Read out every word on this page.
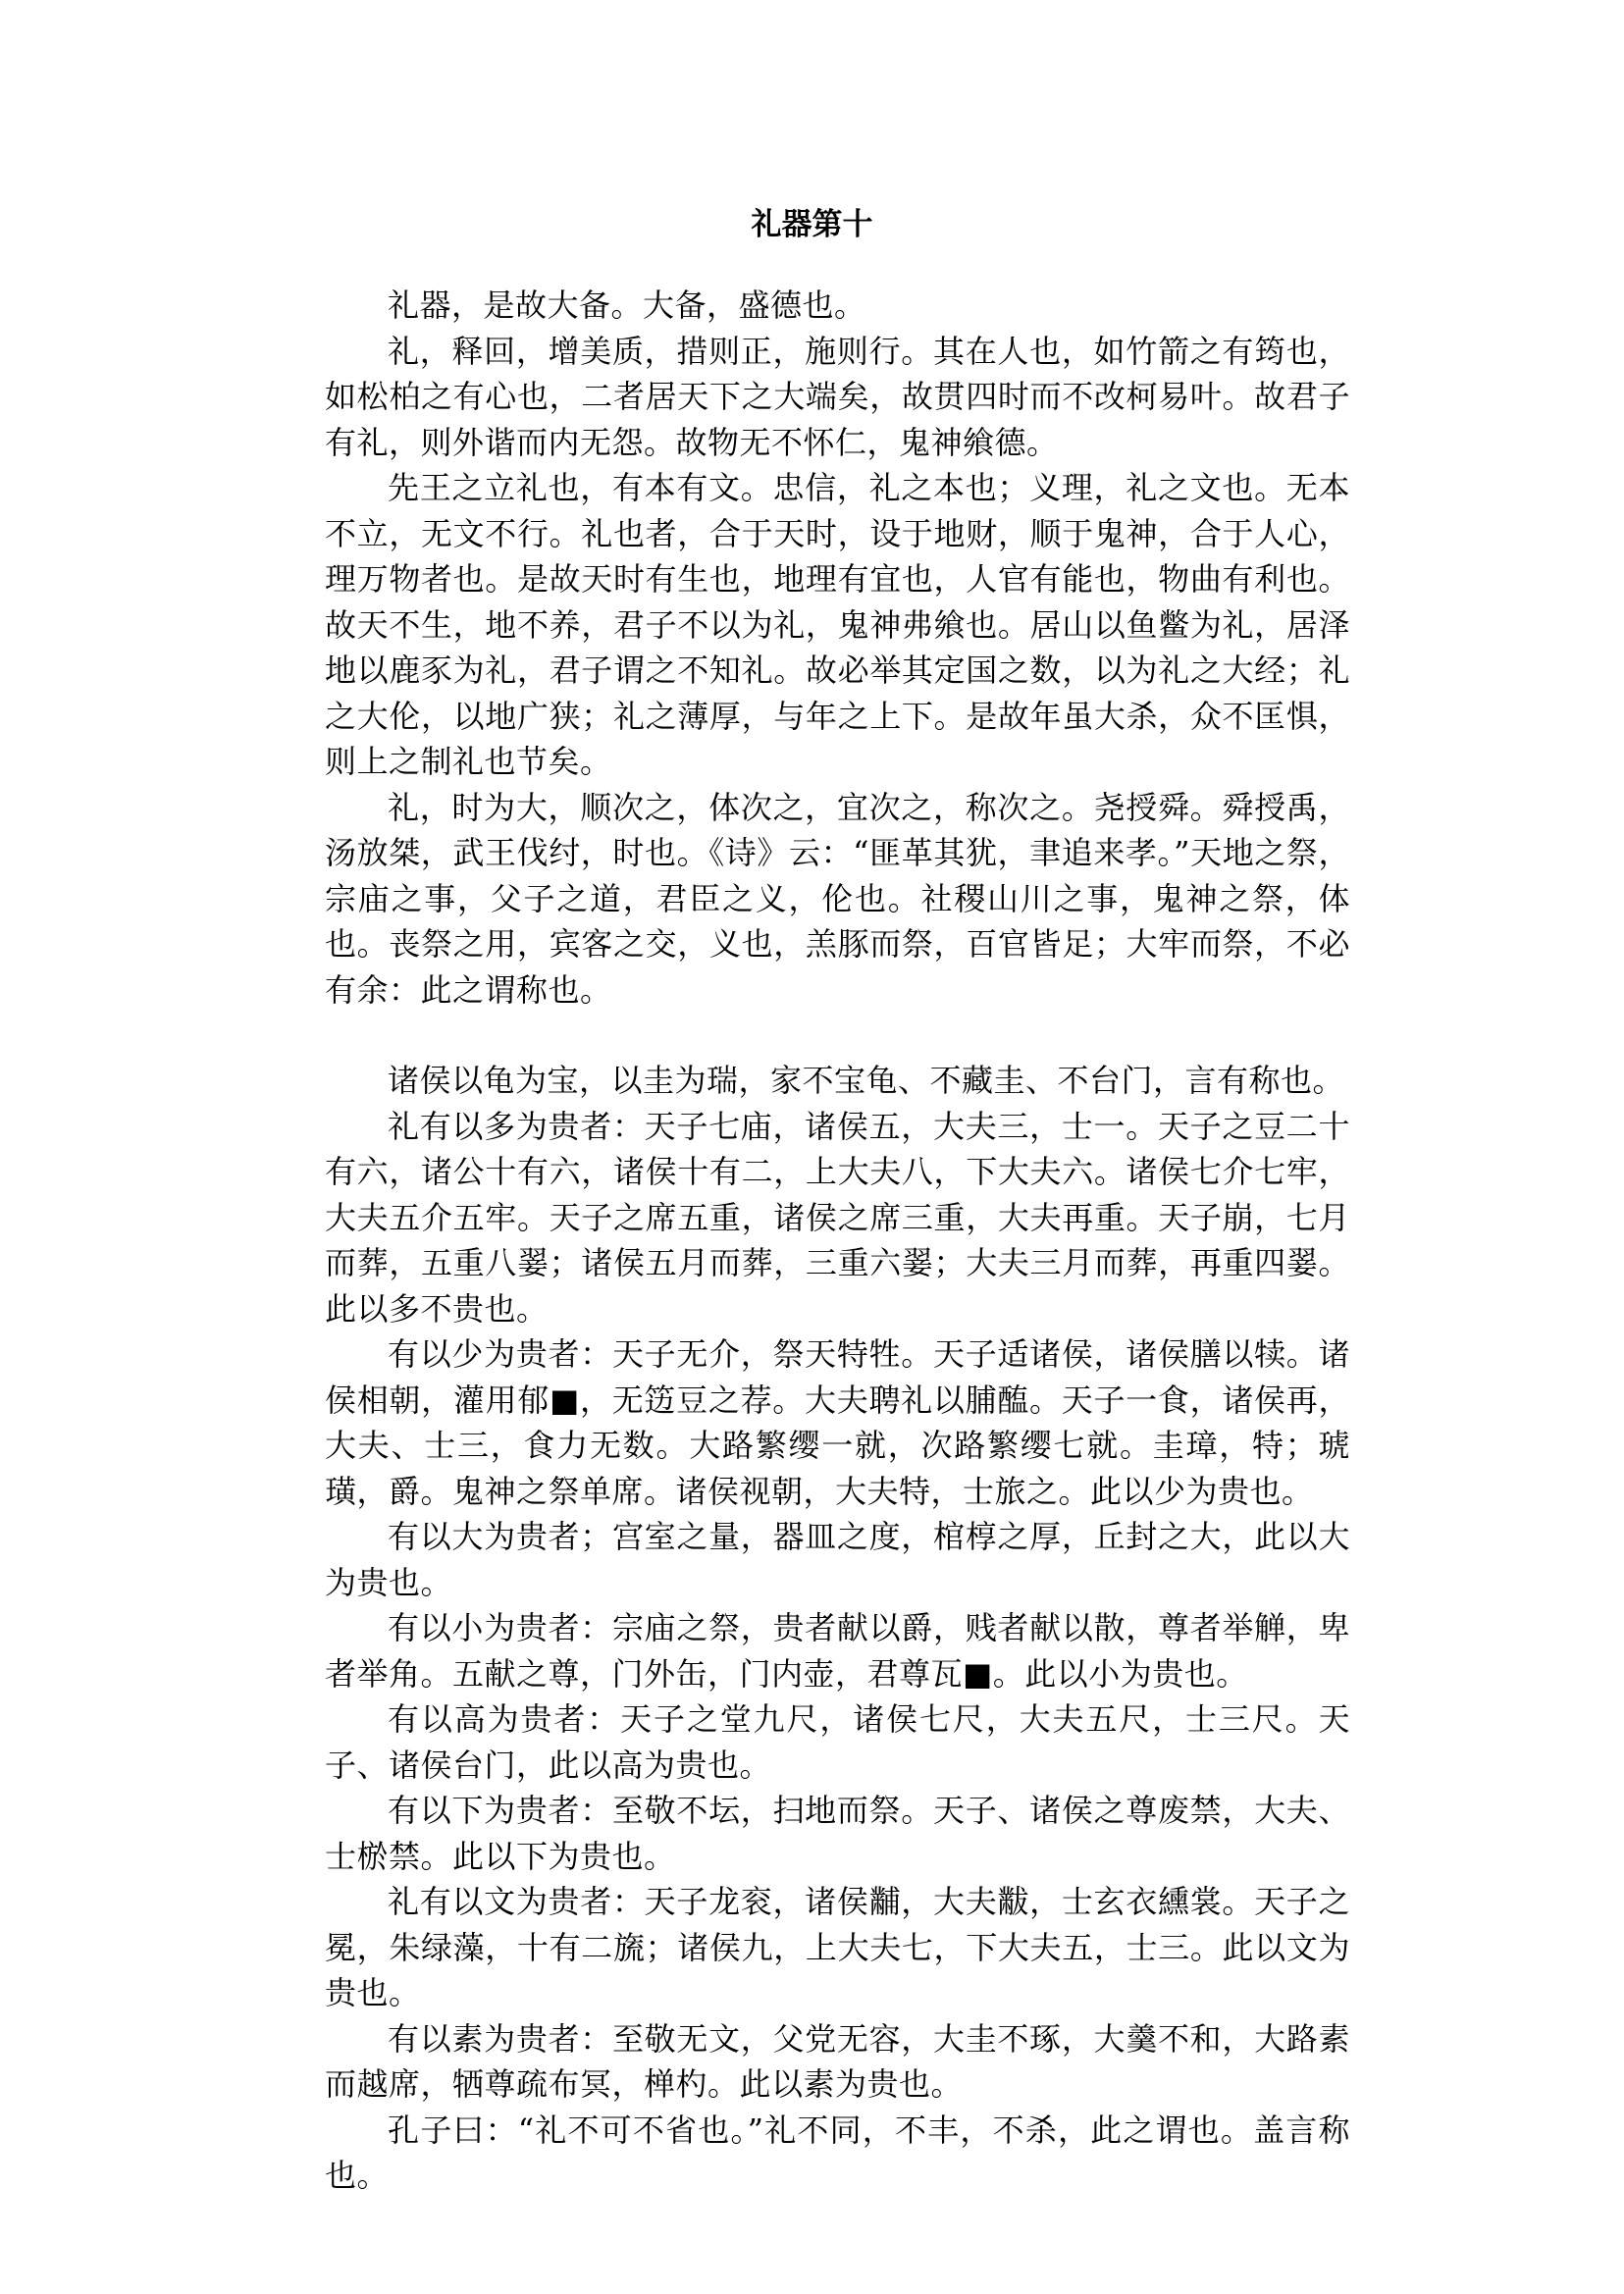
礼器第十

礼器，是故大备。大备，盛德也。

礼，释回，增美质，措则正，施则行。其在人也，如竹箭之有筠也，如松柏之有心也，二者居天下之大端矣，故贯四时而不改柯易叶。故君子有礼，则外谐而内无怨。故物无不怀仁，鬼神飨德。

先王之立礼也，有本有文。忠信，礼之本也；义理，礼之文也。无本不立，无文不行。礼也者，合于天时，设于地财，顺于鬼神，合于人心，理万物者也。是故天时有生也，地理有宜也，人官有能也，物曲有利也。故天不生，地不养，君子不以为礼，鬼神弗飨也。居山以鱼鳖为礼，居泽地以鹿豕为礼，君子谓之不知礼。故必举其定国之数，以为礼之大经；礼之大伦，以地广狭；礼之薄厚，与年之上下。是故年虽大杀，众不匡惧，则上之制礼也节矣。

礼，时为大，顺次之，体次之，宜次之，称次之。尧授舜。舜授禹，汤放桀，武王伐纣，时也。《诗》云：“匪革其犹，聿追来孝。”天地之祭，宗庙之事，父子之道，君臣之义，伦也。社稷山川之事，鬼神之祭，体也。丧祭之用，宾客之交，义也，羔豚而祭，百官皆足；大牢而祭，不必有余：此之谓称也。

诸侯以龟为宝，以圭为瑞，家不宝龟、不藏圭、不台门，言有称也。

礼有以多为贵者：天子七庙，诸侯五，大夫三，士一。天子之豆二十有六，诸公十有六，诸侯十有二，上大夫八，下大夫六。诸侯七介七牢，大夫五介五牢。天子之席五重，诸侯之席三重，大夫再重。天子崩，七月而葬，五重八翣；诸侯五月而葬，三重六翣；大夫三月而葬，再重四翣。此以多不贵也。

有以少为贵者：天子无介，祭天特牲。天子适诸侯，诸侯膳以犊。诸侯相朝，灌用郁■，无笾豆之荐。大夫聘礼以脯醢。天子一食，诸侯再，大夫、士三，食力无数。大路繁缨一就，次路繁缨七就。圭璋，特；琥璜，爵。鬼神之祭单席。诸侯视朝，大夫特，士旅之。此以少为贵也。

有以大为贵者；宫室之量，器皿之度，棺椁之厚，丘封之大，此以大为贵也。

有以小为贵者：宗庙之祭，贵者献以爵，贱者献以散，尊者举觯，卑者举角。五献之尊，门外缶，门内壶，君尊瓦■。此以小为贵也。

有以高为贵者：天子之堂九尺，诸侯七尺，大夫五尺，士三尺。天子、诸侯台门，此以高为贵也。

有以下为贵者：至敬不坛，扫地而祭。天子、诸侯之尊废禁，大夫、士棜禁。此以下为贵也。

礼有以文为贵者：天子龙衮，诸侯黼，大夫黻，士玄衣纁裳。天子之冕，朱绿藻，十有二旒；诸侯九，上大夫七，下大夫五，士三。此以文为贵也。

有以素为贵者：至敬无文，父党无容，大圭不琢，大羹不和，大路素而越席，牺尊疏布冥，椫杓。此以素为贵也。

孔子曰：“礼不可不省也。”礼不同，不丰，不杀，此之谓也。盖言称也。
